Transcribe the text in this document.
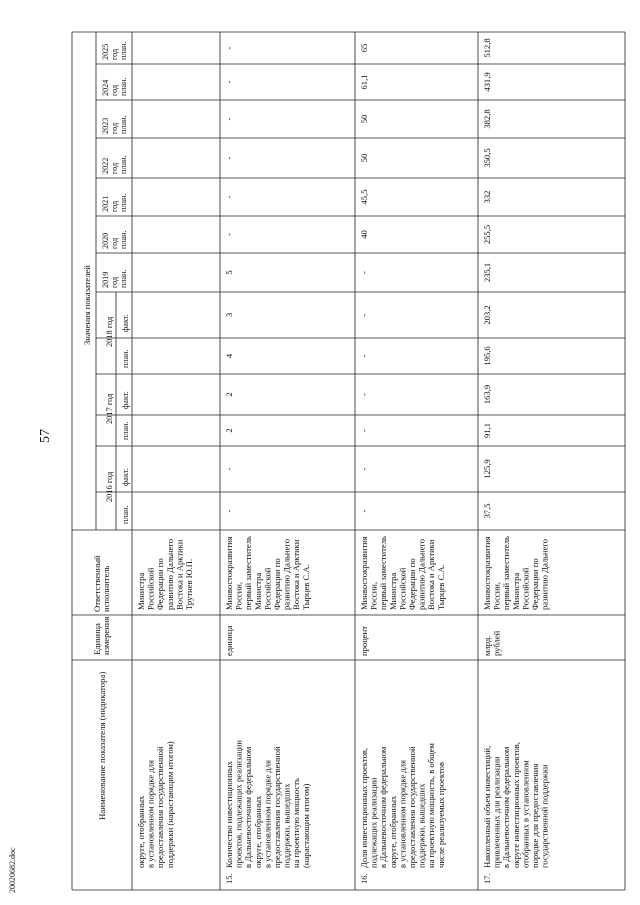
57
20020682.doc
Наименование показателя (индикатора)
Единицаизмерения
Ответственныйисполнитель
Значения показателей
2016 год
план.
факт.
2017 год
план.
факт.
2018 год
план.
факт.
2019годплан.
2020годплан.
2021годплан.
2022годплан.
2023годплан.
2024годплан.
2025годплан.
округе, отобранныхв установленном порядке дляпредоставления государственнойподдержки (нарастающим итогом)
МинистраРоссийскойФедерации поразвитию ДальнегоВостока и АрктикиТрутнев Ю.П.
15.
Количество инвестиционныхпроектов, подлежащих реализациив Дальневосточном федеральномокруге, отобранныхв установленном порядке дляпредоставления государственнойподдержки, вышедшихна проектную мощность(нарастающим итогом)
единица
МинвостокразвитияРоссии,первый заместительМинистраРоссийскойФедерации поразвитию ДальнегоВостока и АрктикиТырцев С.А.
-
-
2
2
4
3
5
-
-
-
-
-
-
16.
Доля инвестиционных проектов,подлежащих реализациив Дальневосточном федеральномокруге, отобранныхв установленном порядке дляпредоставления государственнойподдержки, вышедшихна проектную мощность, в общемчисле реализуемых проектов
процент
МинвостокразвитияРоссии,первый заместительМинистраРоссийскойФедерации поразвитию ДальнегоВостока и АрктикиТырцев С.А.
-
-
-
-
-
-
-
40
45,5
50
50
61,1
65
17.
Накопленный объем инвестиций,привлеченных для реализациив Дальневосточном федеральномокруге инвестиционных проектов,отобранных в установленномпорядке для предоставлениягосударственной поддержки
млрд.рублей
МинвостокразвитияРоссии,первый заместительМинистраРоссийскойФедерации поразвитию Дальнего
37,5
125,9
91,1
163,9
195,6
203,2
235,1
255,5
332
350,5
382,8
431,9
512,8
